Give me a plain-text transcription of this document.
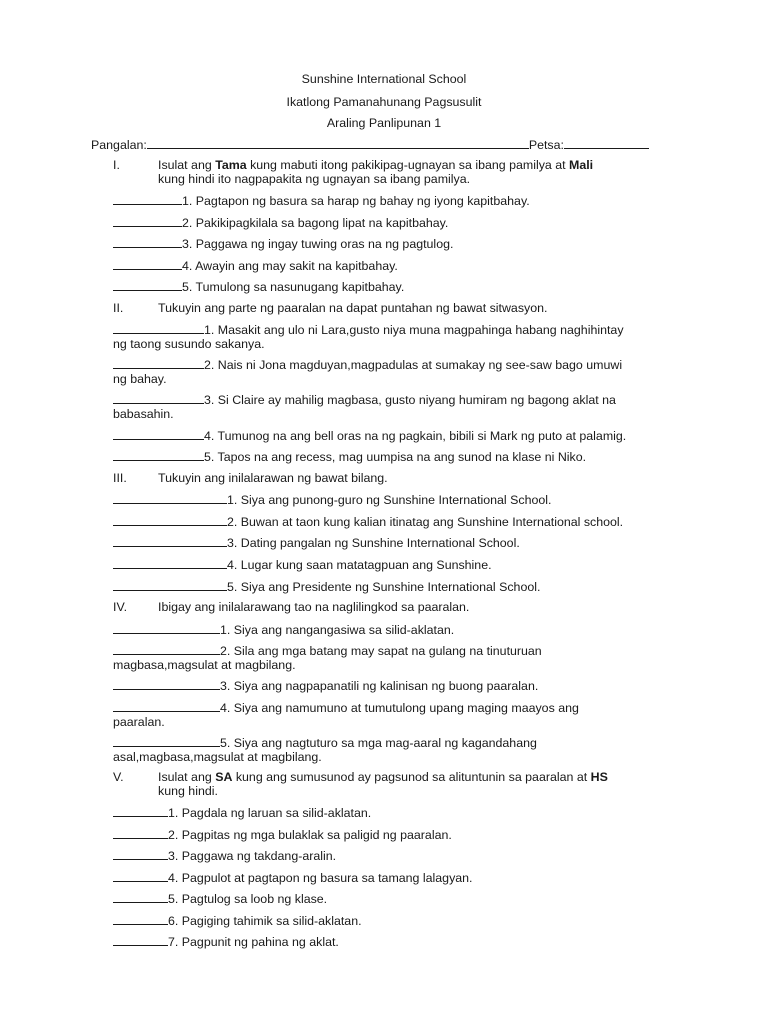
Sunshine International School
Ikatlong Pamanahunang Pagsusulit
Araling Panlipunan 1
Pangalan:	Petsa:
I.	Isulat ang Tama kung mabuti itong pakikipag-ugnayan sa ibang pamilya at Mali
kung hindi ito nagpapakita ng ugnayan sa ibang pamilya.
1. Pagtapon ng basura sa harap ng bahay ng iyong kapitbahay.
2. Pakikipagkilala sa bagong lipat na kapitbahay.
3. Paggawa ng ingay tuwing oras na ng pagtulog.
4. Awayin ang may sakit na kapitbahay.
5. Tumulong sa nasunugang kapitbahay.
II.	Tukuyin ang parte ng paaralan na dapat puntahan ng bawat sitwasyon.
1. Masakit ang ulo ni Lara,gusto niya muna magpahinga habang naghihintay
ng taong susundo sakanya.
2. Nais ni Jona magduyan,magpadulas at sumakay ng see-saw bago umuwi
ng bahay.
3. Si Claire ay mahilig magbasa, gusto niyang humiram ng bagong aklat na
babasahin.
4. Tumunog na ang bell oras na ng pagkain, bibili si Mark ng puto at palamig.
5. Tapos na ang recess, mag uumpisa na ang sunod na klase ni Niko.
III.	Tukuyin ang inilalarawan ng bawat bilang.
1. Siya ang punong-guro ng Sunshine International School.
2. Buwan at taon kung kalian itinatag ang Sunshine International school.
3. Dating pangalan ng Sunshine International School.
4. Lugar kung saan matatagpuan ang Sunshine.
5. Siya ang Presidente ng Sunshine International School.
IV. Ibigay ang inilalarawang tao na naglilingkod sa paaralan.
1. Siya ang nangangasiwa sa silid-aklatan.
2. Sila ang mga batang may sapat na gulang na tinuturuan
magbasa,magsulat at magbilang.
3. Siya ang nagpapanatili ng kalinisan ng buong paaralan.
4. Siya ang namumuno at tumutulong upang maging maayos ang
paaralan.
5. Siya ang nagtuturo sa mga mag-aaral ng kagandahang
asal,magbasa,magsulat at magbilang.
V.	Isulat ang SA kung ang sumusunod ay pagsunod sa alituntunin sa paaralan at HS
kung hindi.
1. Pagdala ng laruan sa silid-aklatan.
2. Pagpitas ng mga bulaklak sa paligid ng paaralan.
3. Paggawa ng takdang-aralin.
4. Pagpulot at pagtapon ng basura sa tamang lalagyan.
5. Pagtulog sa loob ng klase.
6. Pagiging tahimik sa silid-aklatan.
7. Pagpunit ng pahina ng aklat.
